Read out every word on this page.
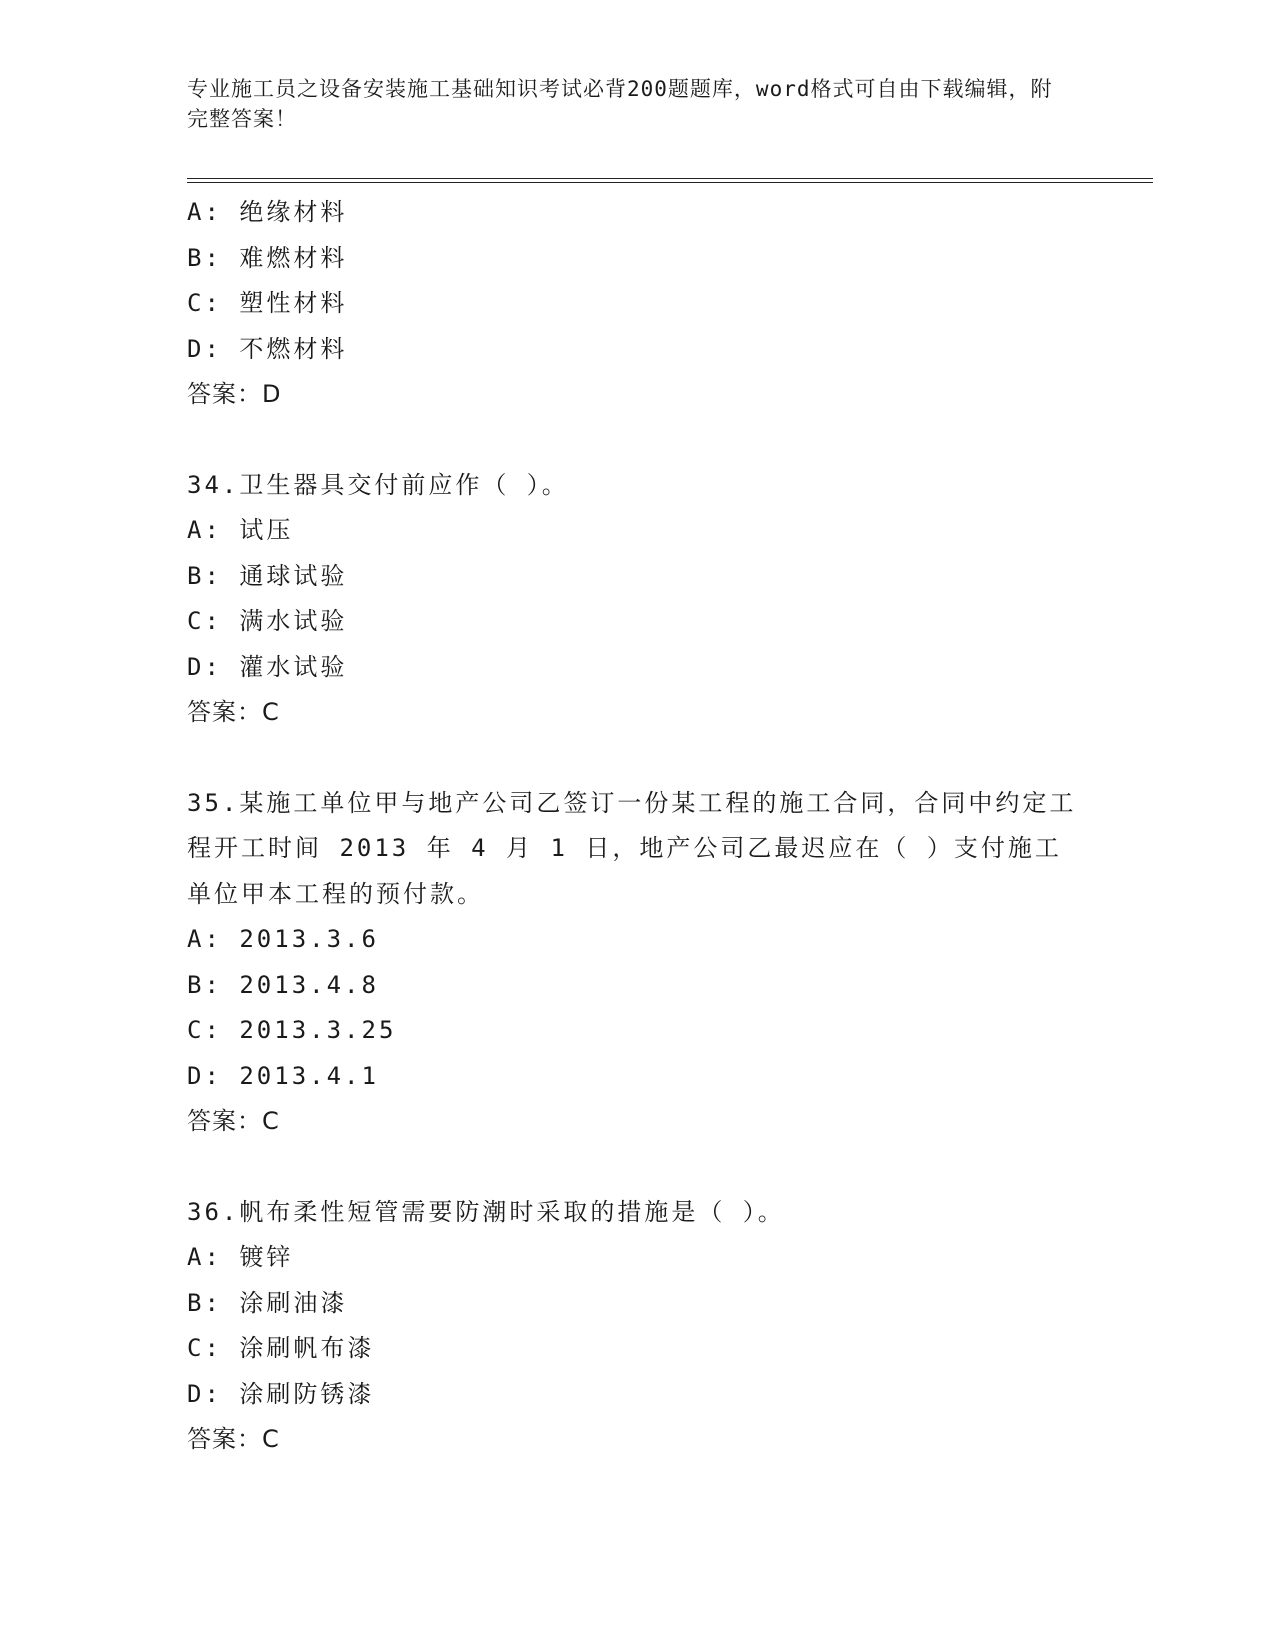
专业施工员之设备安装施工基础知识考试必背200题题库，word格式可自由下载编辑，附完整答案！
A: 绝缘材料
B: 难燃材料
C: 塑性材料
D: 不燃材料
答案：D
34.卫生器具交付前应作（ ）。
A: 试压
B: 通球试验
C: 满水试验
D: 灌水试验
答案：C
35.某施工单位甲与地产公司乙签订一份某工程的施工合同，合同中约定工程开工时间 2013 年 4 月 1 日，地产公司乙最迟应在（ ）支付施工单位甲本工程的预付款。
A: 2013.3.6
B: 2013.4.8
C: 2013.3.25
D: 2013.4.1
答案：C
36.帆布柔性短管需要防潮时采取的措施是（ ）。
A: 镀锌
B: 涂刷油漆
C: 涂刷帆布漆
D: 涂刷防锈漆
答案：C
